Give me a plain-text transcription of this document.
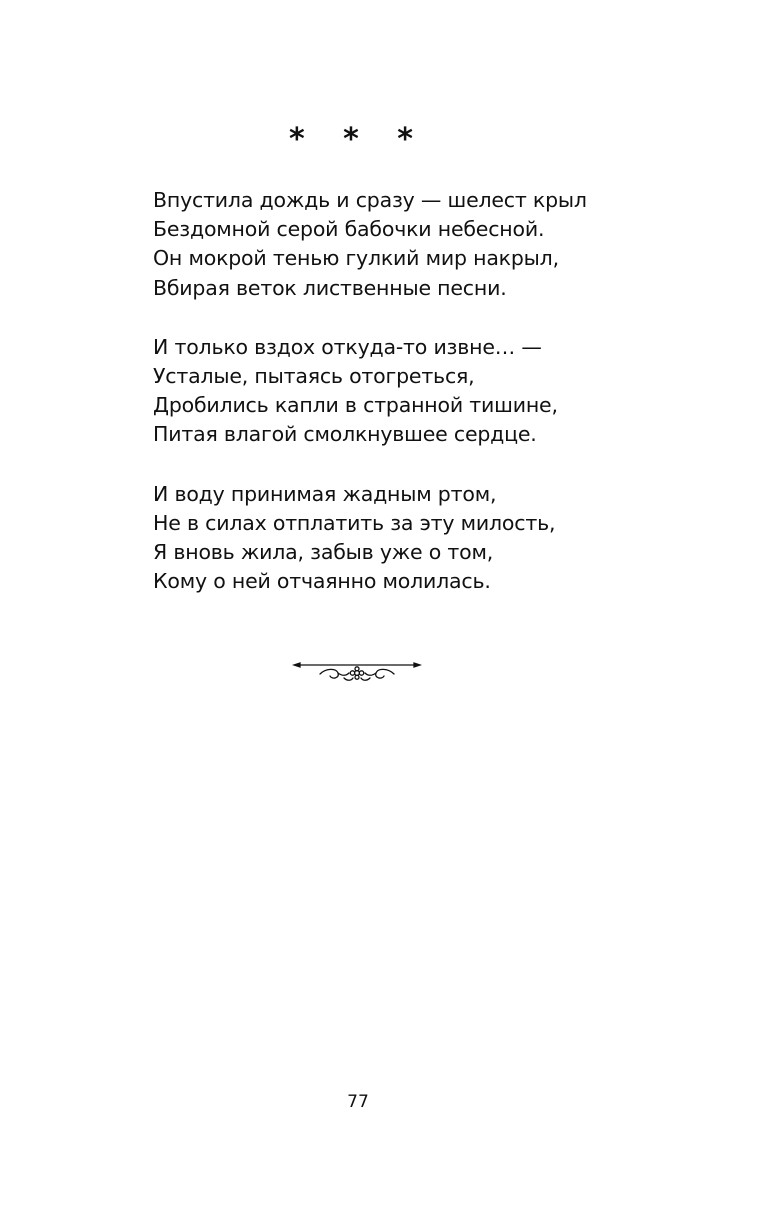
* * *
Впустила дождь и сразу — шелест крыл
Бездомной серой бабочки небесной.
Он мокрой тенью гулкий мир накрыл,
Вбирая веток лиственные песни.
И только вздох откуда-то извне… —
Усталые, пытаясь отогреться,
Дробились капли в странной тишине,
Питая влагой смолкнувшее сердце.
И воду принимая жадным ртом,
Не в силах отплатить за эту милость,
Я вновь жила, забыв уже о том,
Кому о ней отчаянно молилась.
77
